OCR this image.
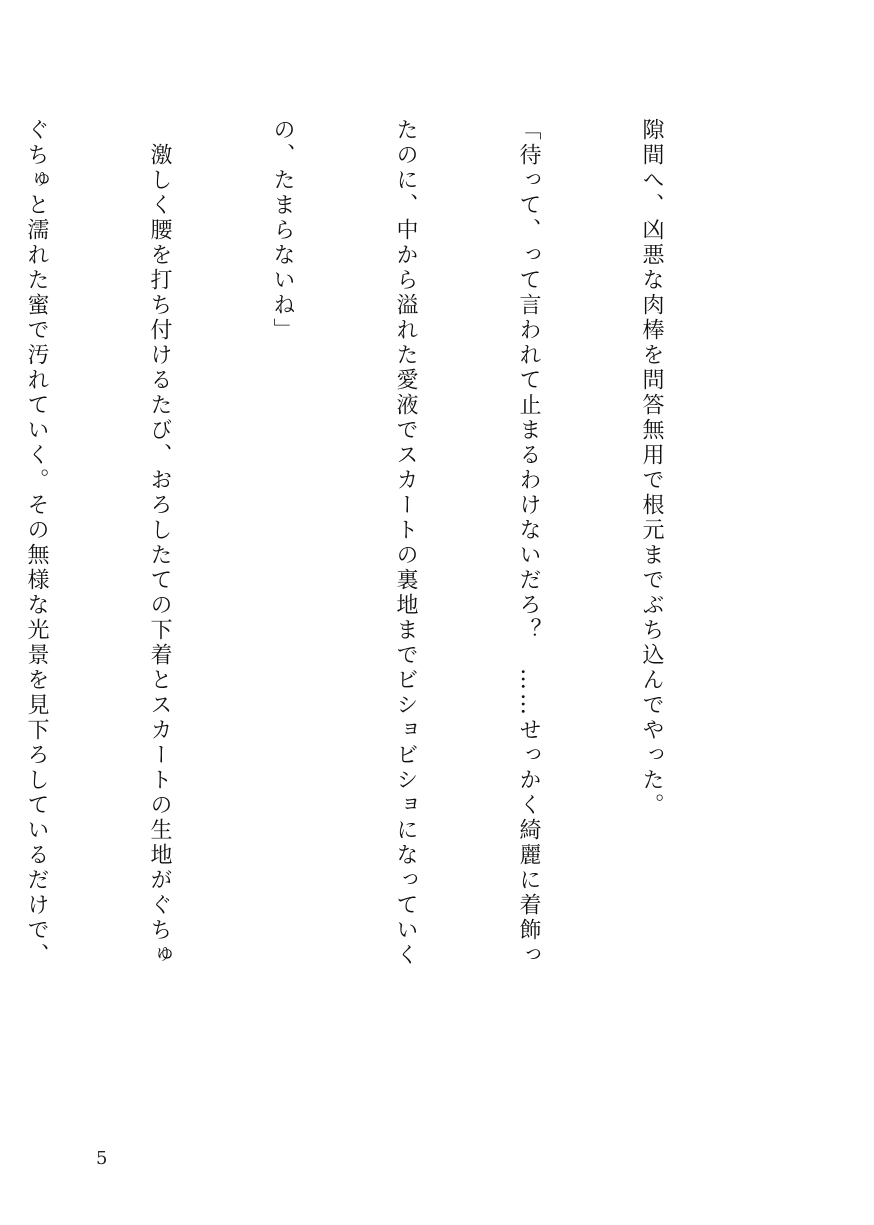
隙間へ、凶悪な肉棒を問答無用で根元までぶち込んでやった。

「待って、って言われて止まるわけないだろ？　……せっかく綺麗に着飾っ

たのに、中から溢れた愛液でスカートの裏地までビショビショになっていく

の、たまらないね」

　激しく腰を打ち付けるたび、おろしたての下着とスカートの生地がぐちゅ

ぐちゅと濡れた蜜で汚れていく。その無様な光景を見下ろしているだけで、

5
